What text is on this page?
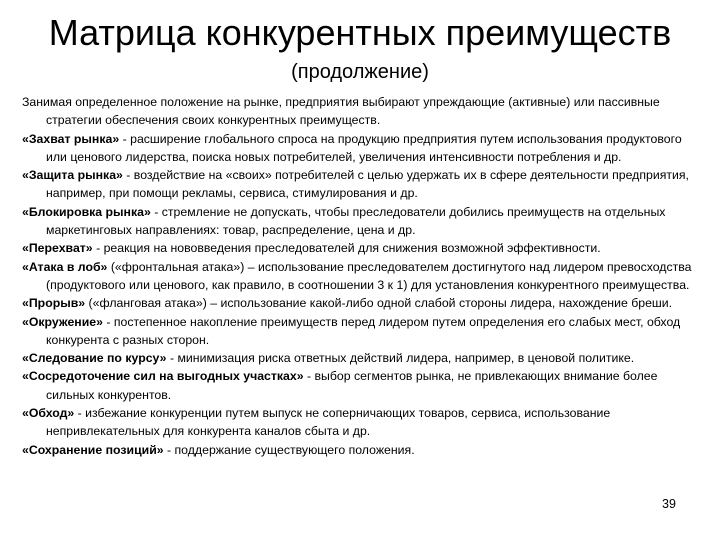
Матрица конкурентных преимуществ
(продолжение)

Занимая определенное положение на рынке, предприятия выбирают упреждающие (активные) или пассивные стратегии обеспечения своих конкурентных преимуществ.

«Захват рынка» - расширение глобального спроса на продукцию предприятия путем использования продуктового или ценового лидерства, поиска новых потребителей, увеличения интенсивности потребления и др.

«Защита рынка» - воздействие на «своих» потребителей с целью удержать их в сфере деятельности предприятия, например, при помощи рекламы, сервиса, стимулирования и др.

«Блокировка рынка» - стремление не допускать, чтобы преследователи добились преимуществ на отдельных маркетинговых направлениях: товар, распределение, цена и др.

«Перехват» - реакция на нововведения преследователей для снижения возможной эффективности.

«Атака в лоб» («фронтальная атака») – использование преследователем достигнутого над лидером превосходства (продуктового или ценового, как правило, в соотношении 3 к 1) для установления конкурентного преимущества.

«Прорыв» («фланговая атака») – использование какой-либо одной слабой стороны лидера, нахождение бреши.

«Окружение» - постепенное накопление преимуществ перед лидером путем определения его слабых мест, обход конкурента с разных сторон.

«Следование по курсу» - минимизация риска ответных действий лидера, например, в ценовой политике.

«Сосредоточение сил на выгодных участках» - выбор сегментов рынка, не привлекающих внимание более сильных конкурентов.

«Обход» - избежание конкуренции путем выпуск не соперничающих товаров, сервиса, использование непривлекательных для конкурента каналов сбыта и др.

«Сохранение позиций» - поддержание существующего положения.

39
